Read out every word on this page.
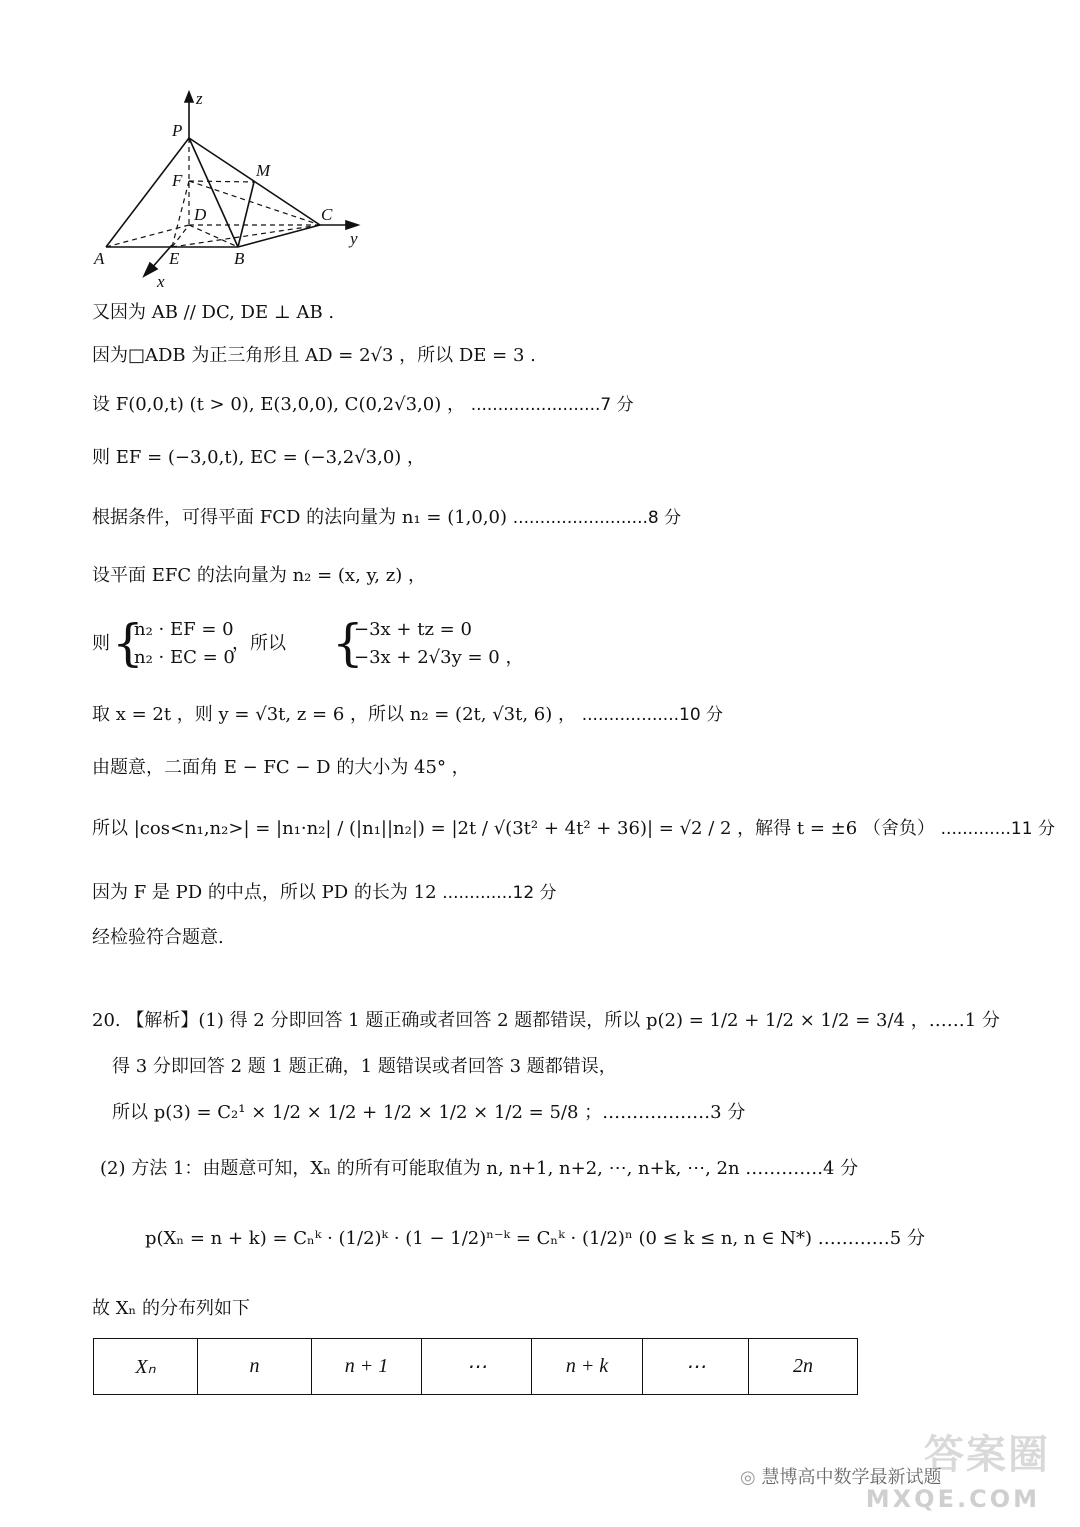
z
P
M
F
D	C
y
A	E	B
x
又因为 AB // DC, DE ⊥ AB .
因为□ADB 为正三角形且 AD = 2√3 ，所以 DE = 3 .
设 F(0,0,t) (t > 0), E(3,0,0), C(0,2√3,0) ， ........................7 分
则 EF = (−3,0,t), EC = (−3,2√3,0) ，
根据条件，可得平面 FCD 的法向量为 n₁ = (1,0,0) .........................8 分
设平面 EFC 的法向量为 n₂ = (x, y, z) ，
则 {
n₂ · EF = 0
n₂ · EC = 0
，所以 {
−3x + tz = 0
−3x + 2√3y = 0 ，
取 x = 2t ，则 y = √3t, z = 6 ，所以 n₂ = (2t, √3t, 6) ， ..................10 分
由题意，二面角 E − FC − D 的大小为 45° ，
所以 |cos<n₁,n₂>| = |n₁·n₂| / (|n₁||n₂|) = |2t / √(3t² + 4t² + 36)| = √2 / 2 ，解得 t = ±6 （舍负） .............11 分
因为 F 是 PD 的中点，所以 PD 的长为 12 .............12 分
经检验符合题意.
20. 【解析】(1) 得 2 分即回答 1 题正确或者回答 2 题都错误，所以 p(2) = 1/2 + 1/2 × 1/2 = 3/4 ，……1 分
得 3 分即回答 2 题 1 题正确，1 题错误或者回答 3 题都错误，
所以 p(3) = C₂¹ × 1/2 × 1/2 + 1/2 × 1/2 × 1/2 = 5/8 ；………………3 分
(2) 方法 1：由题意可知，Xₙ 的所有可能取值为 n, n+1, n+2, ⋯, n+k, ⋯, 2n ………….4 分
p(Xₙ = n + k) = Cₙᵏ · (1/2)ᵏ · (1 − 1/2)ⁿ⁻ᵏ = Cₙᵏ · (1/2)ⁿ (0 ≤ k ≤ n, n ∈ N*) …………5 分
故 Xₙ 的分布列如下
Xₙ	n	n + 1	⋯	n + k	⋯	2n
答案圈
◎ 慧博高中数学最新试题
MXQE.COM
